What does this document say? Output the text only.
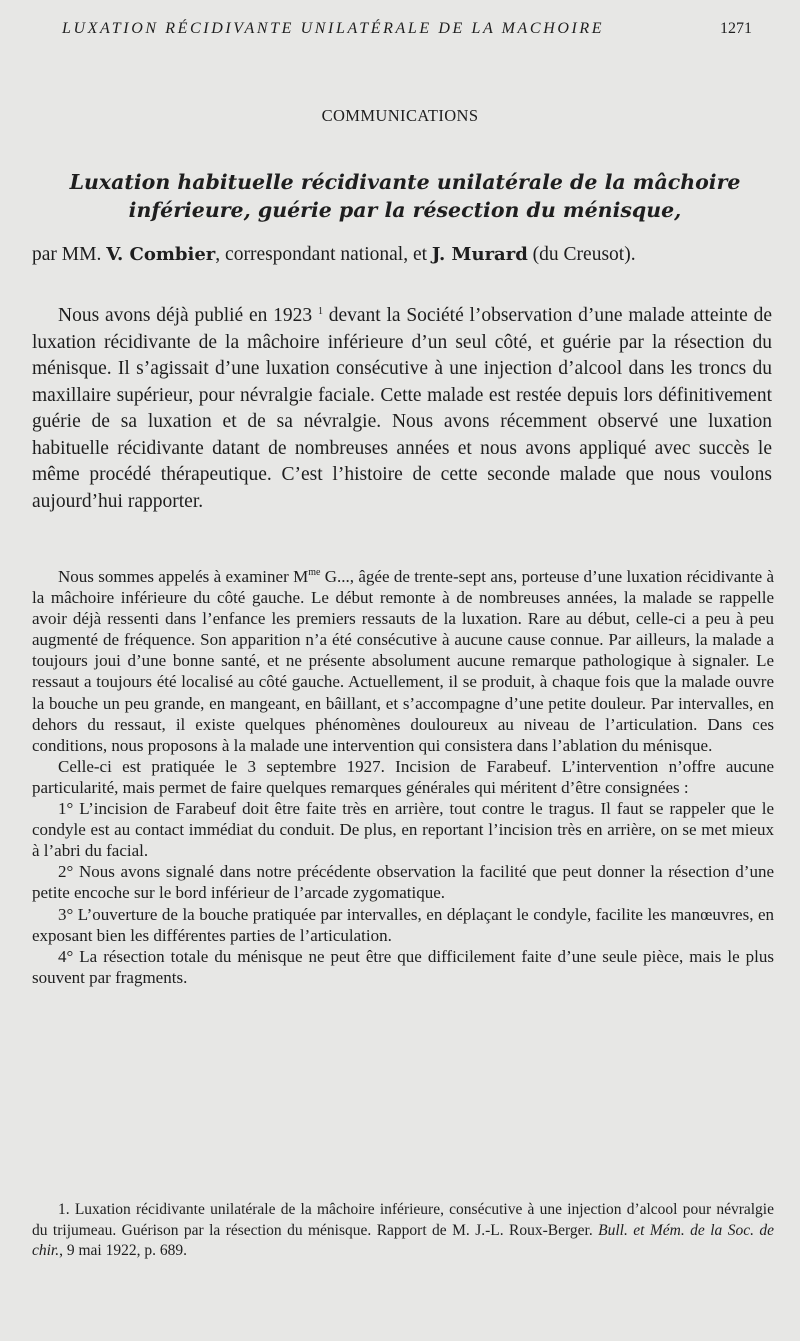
LUXATION RÉCIDIVANTE UNILATÉRALE DE LA MACHOIRE	1271
COMMUNICATIONS
Luxation habituelle récidivante unilatérale de la mâchoire inférieure, guérie par la résection du ménisque,
par MM. V. Combier, correspondant national, et J. Murard (du Creusot).

Nous avons déjà publié en 1923 $^1$ devant la Société l’observation d’une malade atteinte de luxation récidivante de la mâchoire inférieure d’un seul côté, et guérie par la résection du ménisque. Il s’agissait d’une luxation consécutive à une injection d’alcool dans les troncs du maxillaire supérieur, pour névralgie faciale. Cette malade est restée depuis lors définitivement guérie de sa luxation et de sa névralgie. Nous avons récemment observé une luxation habituelle récidivante datant de nombreuses années et nous avons appliqué avec succès le même procédé thérapeutique. C’est l’histoire de cette seconde malade que nous voulons aujourd’hui rapporter.

Nous sommes appelés à examiner $M^{me}$ G..., âgée de trente-sept ans, porteuse d’une luxation récidivante à la mâchoire inférieure du côté gauche. Le début remonte à de nombreuses années, la malade se rappelle avoir déjà ressenti dans l’enfance les premiers ressauts de la luxation. Rare au début, celle-ci a peu à peu augmenté de fréquence. Son apparition n’a été consécutive à aucune cause connue. Par ailleurs, la malade a toujours joui d’une bonne santé, et ne présente absolument aucune remarque pathologique à signaler. Le ressaut a toujours été localisé au côté gauche. Actuellement, il se produit, à chaque fois que la malade ouvre la bouche un peu grande, en mangeant, en bâillant, et s’accompagne d’une petite douleur. Par intervalles, en dehors du ressaut, il existe quelques phénomènes douloureux au niveau de l’articulation. Dans ces conditions, nous proposons à la malade une intervention qui consistera dans l’ablation du ménisque.

Celle-ci est pratiquée le 3 septembre 1927. Incision de Farabeuf. L’intervention n’offre aucune particularité, mais permet de faire quelques remarques générales qui méritent d’être consignées :

1° L’incision de Farabeuf doit être faite très en arrière, tout contre le tragus. Il faut se rappeler que le condyle est au contact immédiat du conduit. De plus, en reportant l’incision très en arrière, on se met mieux à l’abri du facial.

2° Nous avons signalé dans notre précédente observation la facilité que peut donner la résection d’une petite encoche sur le bord inférieur de l’arcade zygomatique.

3° L’ouverture de la bouche pratiquée par intervalles, en déplaçant le condyle, facilite les manœuvres, en exposant bien les différentes parties de l’articulation.

4° La résection totale du ménisque ne peut être que difficilement faite d’une seule pièce, mais le plus souvent par fragments.

1. Luxation récidivante unilatérale de la mâchoire inférieure, consécutive à une injection d’alcool pour névralgie du trijumeau. Guérison par la résection du ménisque. Rapport de M. J.-L. Roux-Berger. Bull. et Mém. de la Soc. de chir., 9 mai 1922, p. 689.
